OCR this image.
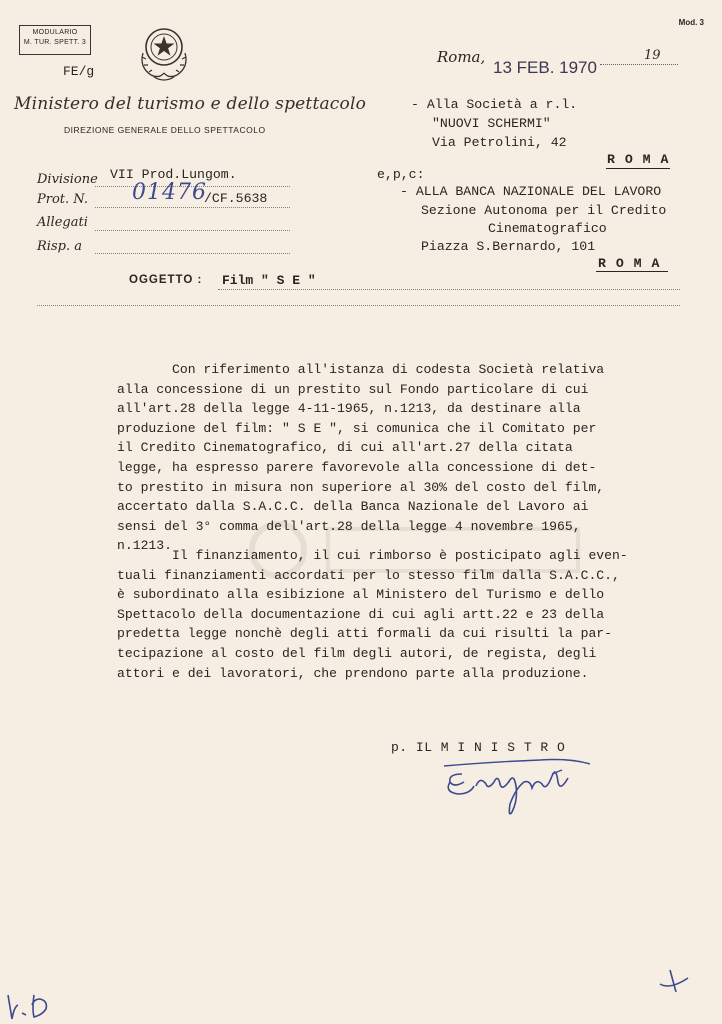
MODULARIO
M. TUR. SPETT. 3
Mod. 3
FE/g
Ministero del turismo e dello spettacolo
DIREZIONE GENERALE DELLO SPETTACOLO
Roma,
13 FEB. 1970
19
- Alla Società a r.l.
"NUOVI SCHERMI"
Via Petrolini, 42
R O M A
e,p,c:
- ALLA BANCA NAZIONALE DEL LAVORO
Sezione Autonoma per il Credito
Cinematografico
Piazza S.Bernardo, 101
R O M A
Divisione VII Prod.Lungom.
Prot. N. 01476
/CF.5638
Allegati
Risp. a
OGGETTO : Film " S E "
Con riferimento all'istanza di codesta Società relativa
alla concessione di un prestito sul Fondo particolare di cui
all'art.28 della legge 4-11-1965, n.1213, da destinare alla
produzione del film: " S E ", si comunica che il Comitato per
il Credito Cinematografico, di cui all'art.27 della citata
legge, ha espresso parere favorevole alla concessione di det-
to prestito in misura non superiore al 30% del costo del film,
accertato dalla S.A.C.C. della Banca Nazionale del Lavoro ai
sensi del 3° comma dell'art.28 della legge 4 novembre 1965,
n.1213.
Il finanziamento, il cui rimborso è posticipato agli even-
tuali finanziamenti accordati per lo stesso film dalla S.A.C.C.,
è subordinato alla esibizione al Ministero del Turismo e dello
Spettacolo della documentazione di cui agli artt.22 e 23 della
predetta legge nonchè degli atti formali da cui risulti la par-
tecipazione al costo del film degli autori, de regista, degli
attori e dei lavoratori, che prendono parte alla produzione.
p. IL M I N I S T R O
